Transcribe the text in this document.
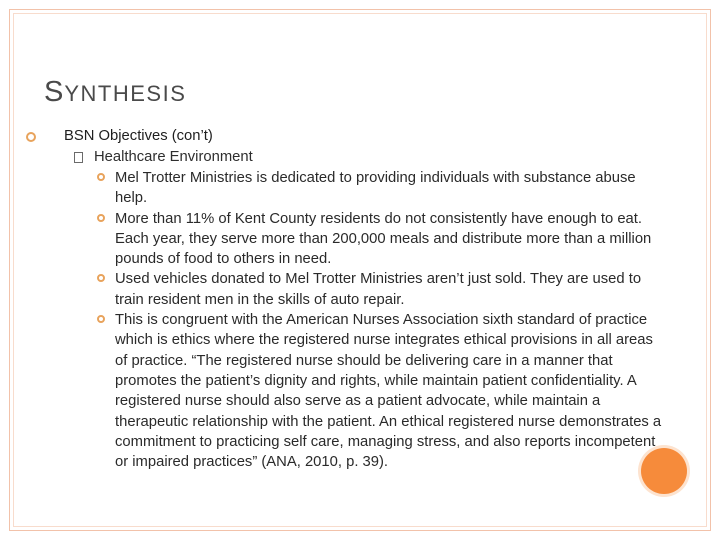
SYNTHESIS
BSN Objectives (con’t)
Healthcare Environment
Mel Trotter Ministries is dedicated to providing individuals with substance abuse help.
More than 11% of Kent County residents do not consistently have enough to eat. Each year, they serve more than 200,000 meals and distribute more than a million pounds of food to others in need.
Used vehicles donated to Mel Trotter Ministries aren’t just sold. They are used to train resident men in the skills of auto repair.
This is congruent with the American Nurses Association sixth standard of practice which is ethics where the registered nurse integrates ethical provisions in all areas of practice. “The registered nurse should be delivering care in a manner that promotes the patient’s dignity and rights, while maintain patient confidentiality. A registered nurse should also serve as a patient advocate, while maintain a therapeutic relationship with the patient. An ethical registered nurse demonstrates a commitment to practicing self care, managing stress, and also reports incompetent or impaired practices” (ANA, 2010, p. 39).
